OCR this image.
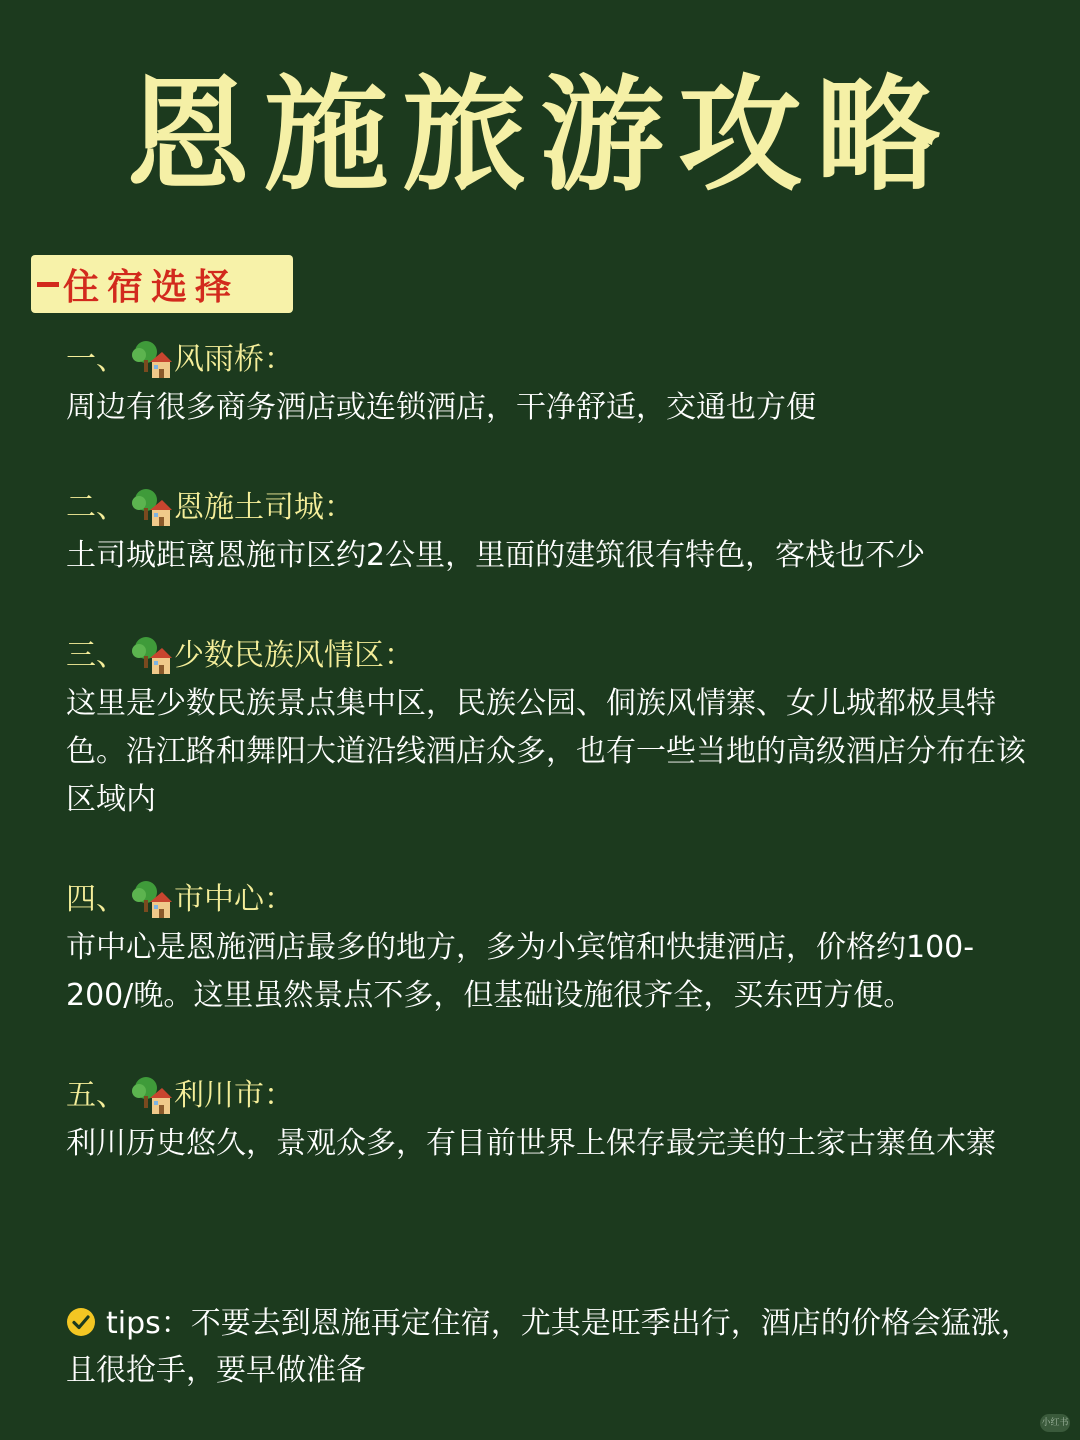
恩施旅游攻略
住宿选择
一、 风雨桥：
周边有很多商务酒店或连锁酒店，干净舒适，交通也方便
二、 恩施土司城：
土司城距离恩施市区约2公里，里面的建筑很有特色，客栈也不少
三、 少数民族风情区：
这里是少数民族景点集中区，民族公园、侗族风情寨、女儿城都极具特色。沿江路和舞阳大道沿线酒店众多，也有一些当地的高级酒店分布在该区域内
四、 市中心：
市中心是恩施酒店最多的地方，多为小宾馆和快捷酒店，价格约100-200/晚。这里虽然景点不多，但基础设施很齐全，买东西方便。
五、 利川市：
利川历史悠久，景观众多，有目前世界上保存最完美的土家古寨鱼木寨
tips：不要去到恩施再定住宿，尤其是旺季出行，酒店的价格会猛涨，且很抢手，要早做准备
小红书
